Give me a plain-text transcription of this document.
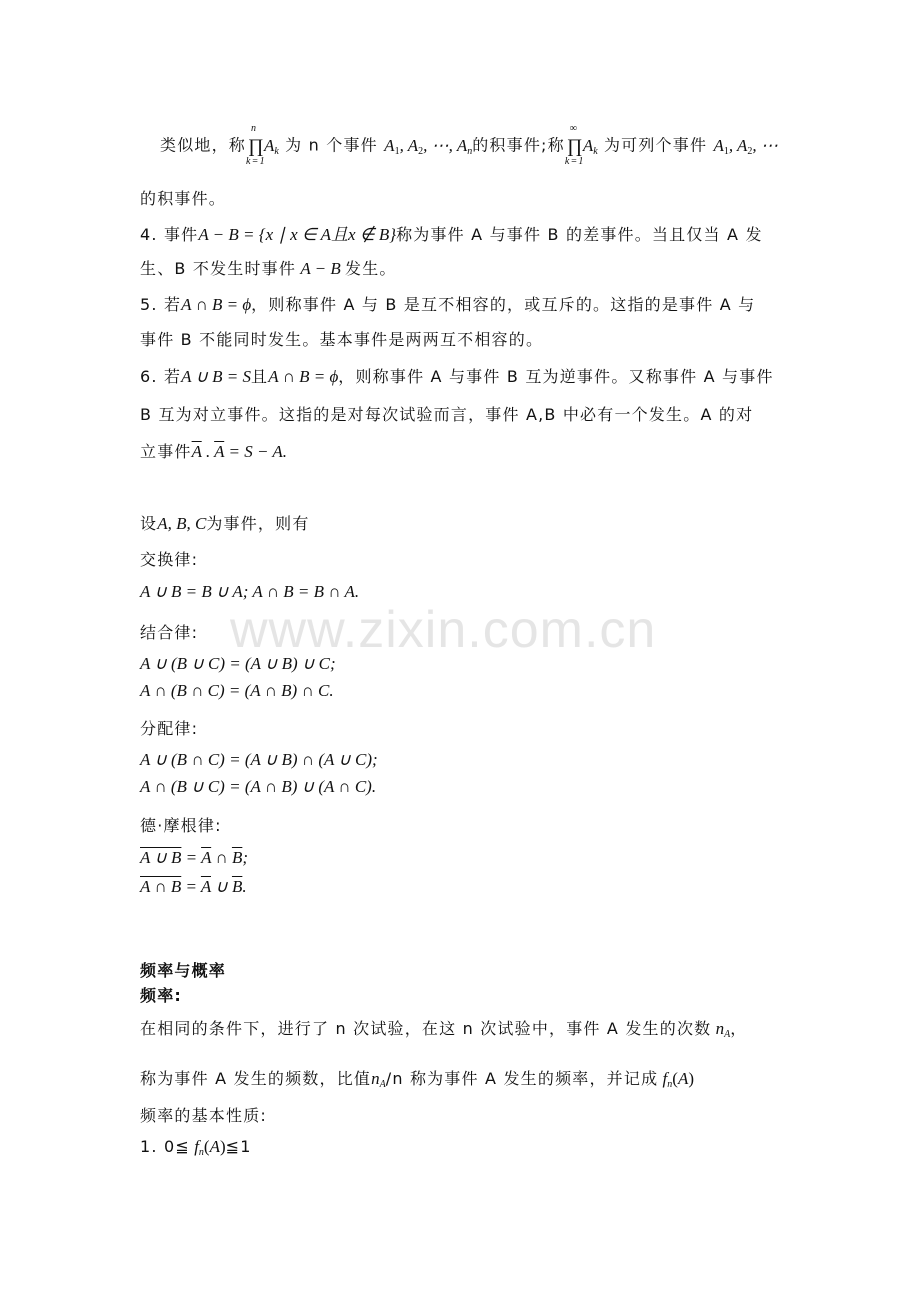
www.zixin.com.cn
类似地，称
n
∏
k=1
$A_k$ 为 n 个事件 $A_1$, $A_2$, ⋯, $A_n$的积事件;称
∞
∏
k=1
$A_k$ 为可列个事件 $A_1$, $A_2$, ⋯
的积事件。
4. 事件A − B = {x ∣ x ∈ A且x ∉ B}称为事件 A 与事件 B 的差事件。当且仅当 A 发
生、B 不发生时事件 A − B 发生。
5. 若A ∩ B = ϕ，则称事件 A 与 B 是互不相容的，或互斥的。这指的是事件 A 与
事件 B 不能同时发生。基本事件是两两互不相容的。
6. 若A ∪ B = S且A ∩ B = ϕ，则称事件 A 与事件 B 互为逆事件。又称事件 A 与事件
B 互为对立事件。这指的是对每次试验而言，事件 A,B 中必有一个发生。A 的对
立事件$\overline{A}$ . $\overline{A} = S - A$.
设A, B, C为事件，则有
交换律:
A ∪ B = B ∪ A; A ∩ B = B ∩ A.
结合律:
A ∪ (B ∪ C) = (A ∪ B) ∪ C;
A ∩ (B ∩ C) = (A ∩ B) ∩ C.
分配律:
A ∪ (B ∩ C) = (A ∪ B) ∩ (A ∪ C);
A ∩ (B ∪ C) = (A ∩ B) ∪ (A ∩ C).
德·摩根律:
A ∪ $B = \overline{A}$ ∩ $\overline{B}$;
A ∩ $B = \overline{A}$ ∪ $\overline{B}$.
频率与概率
频率:
在相同的条件下，进行了 n 次试验，在这 n 次试验中，事件 A 发生的次数 $n_A$，
称为事件 A 发生的频数，比值$n_A/n$ 称为事件 A 发生的频率，并记成 $f_n(A)$
频率的基本性质:
1. 0≦ $f_n(A)≦1$
